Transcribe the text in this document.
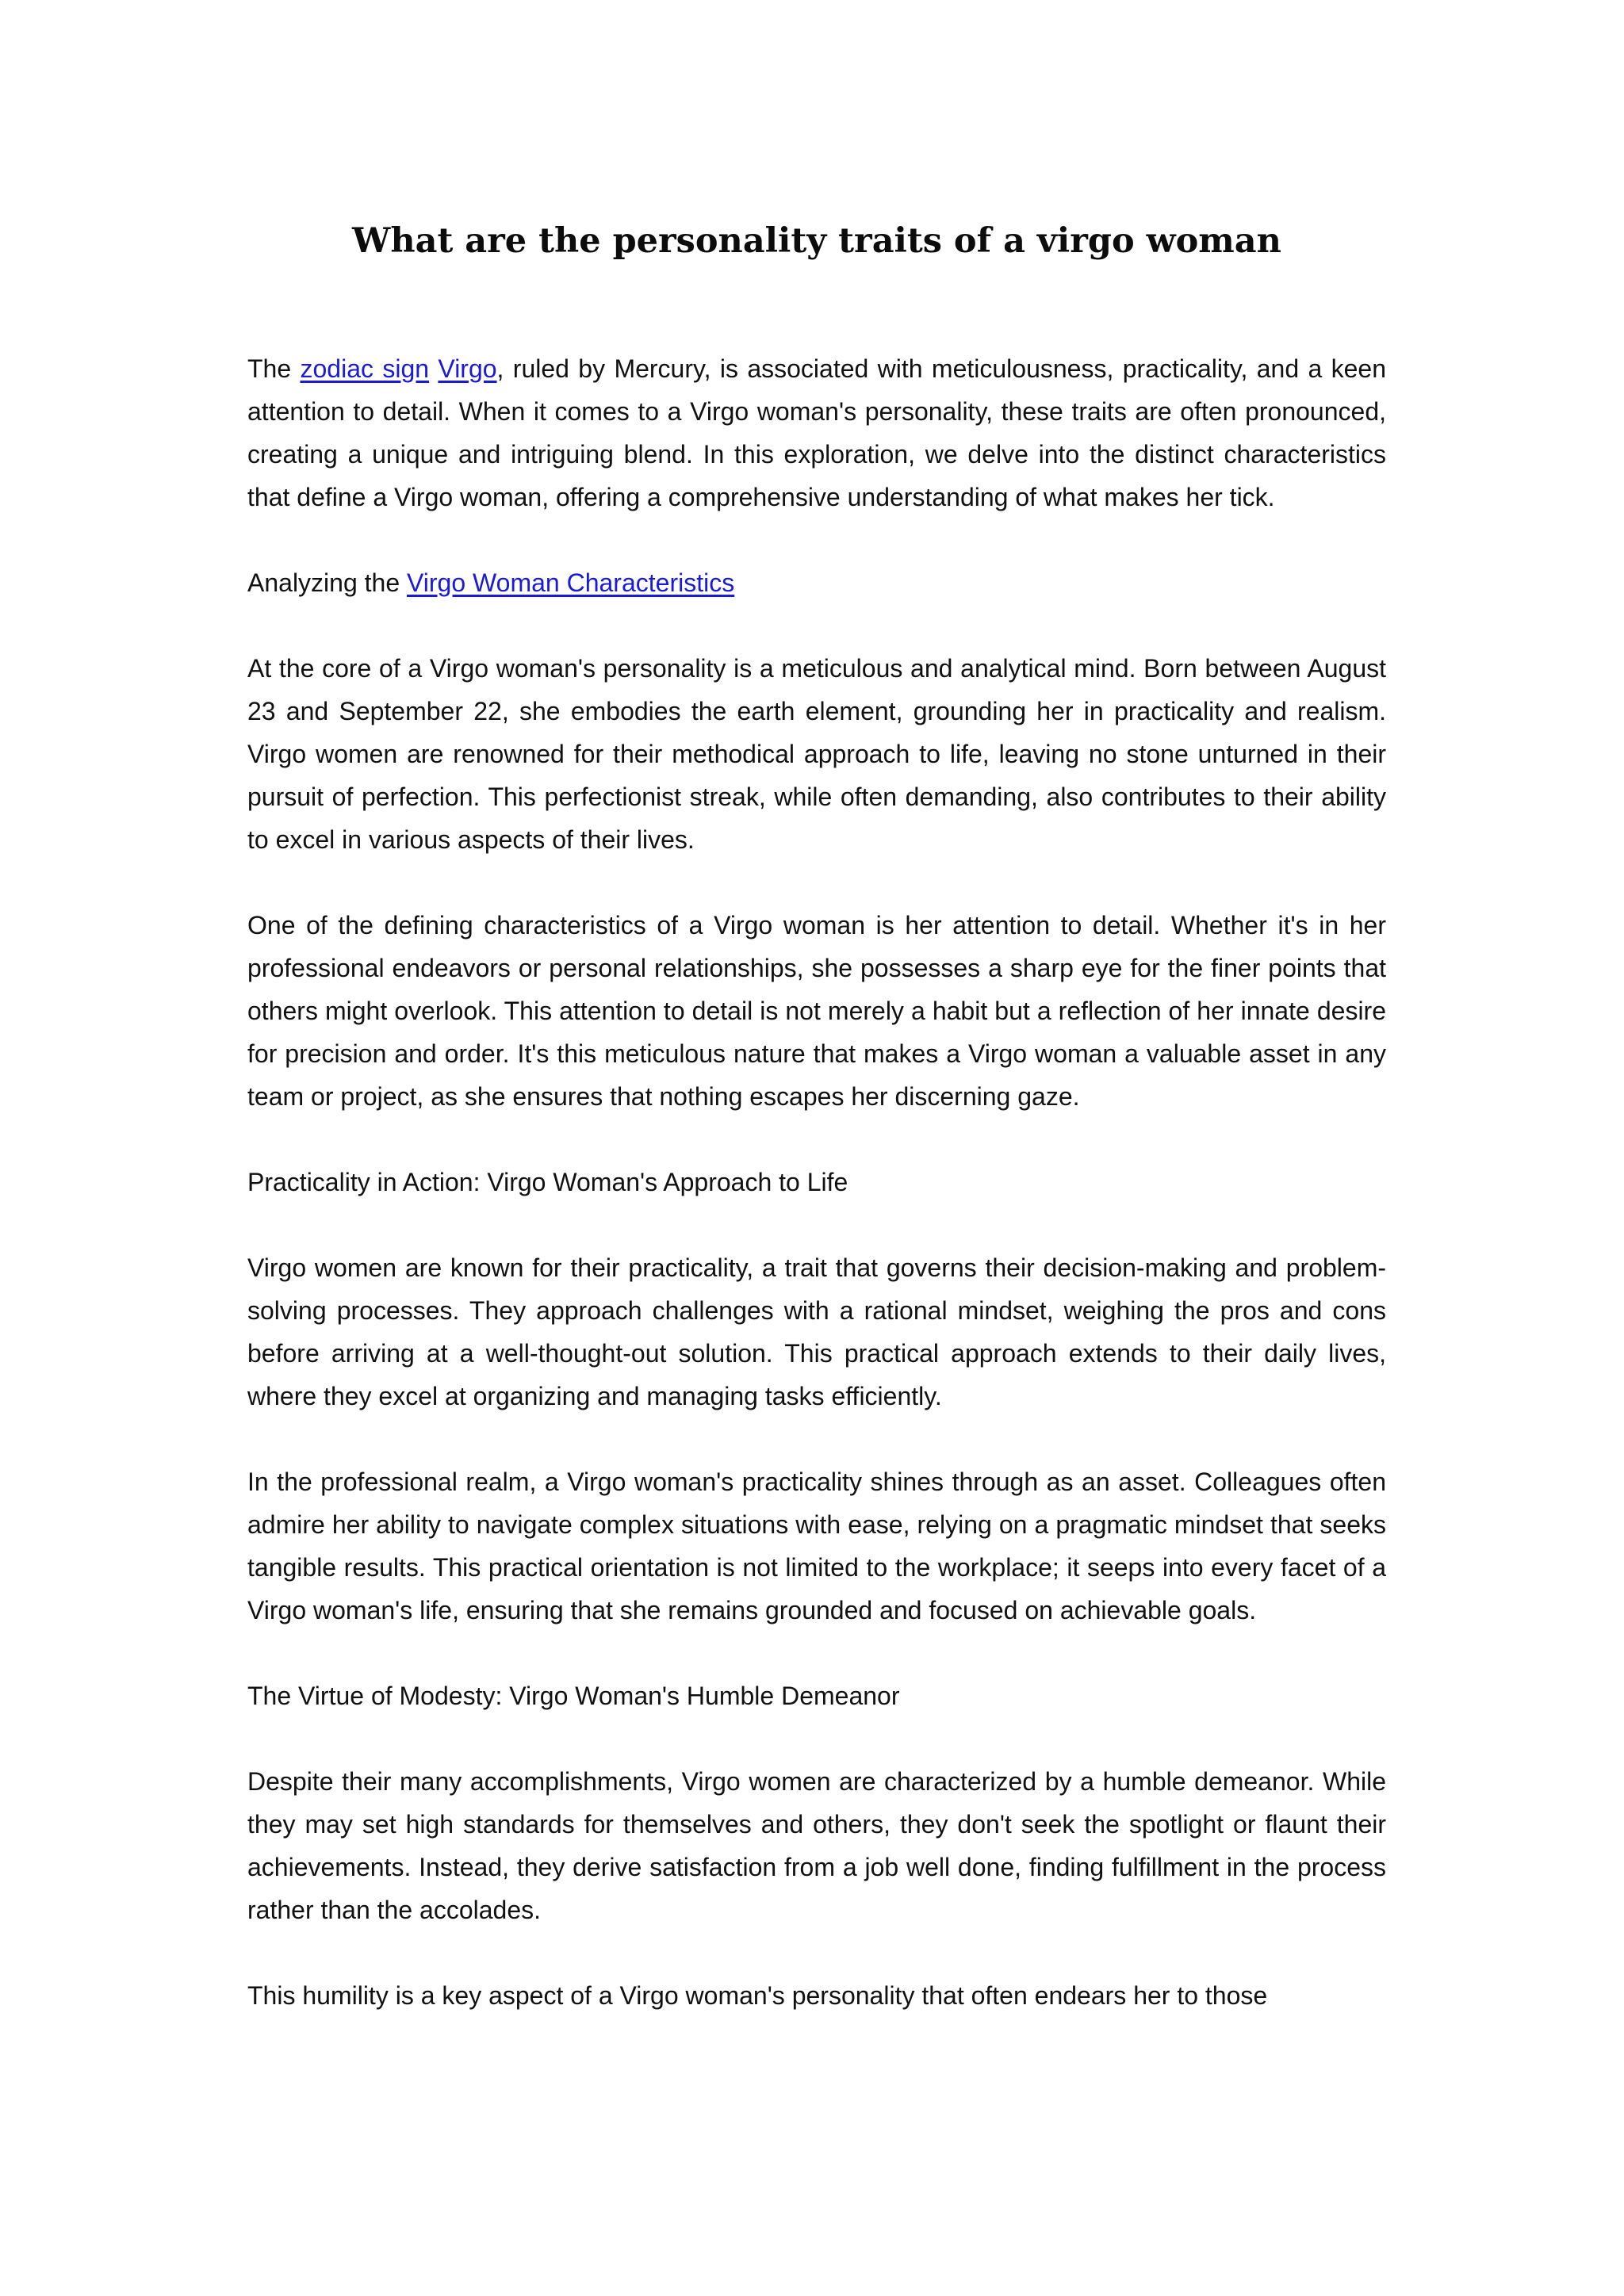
What are the personality traits of a virgo woman

The zodiac sign Virgo, ruled by Mercury, is associated with meticulousness, practicality, and a keen attention to detail. When it comes to a Virgo woman's personality, these traits are often pronounced, creating a unique and intriguing blend. In this exploration, we delve into the distinct characteristics that define a Virgo woman, offering a comprehensive understanding of what makes her tick.

Analyzing the Virgo Woman Characteristics

At the core of a Virgo woman's personality is a meticulous and analytical mind. Born between August 23 and September 22, she embodies the earth element, grounding her in practicality and realism. Virgo women are renowned for their methodical approach to life, leaving no stone unturned in their pursuit of perfection. This perfectionist streak, while often demanding, also contributes to their ability to excel in various aspects of their lives.

One of the defining characteristics of a Virgo woman is her attention to detail. Whether it's in her professional endeavors or personal relationships, she possesses a sharp eye for the finer points that others might overlook. This attention to detail is not merely a habit but a reflection of her innate desire for precision and order. It's this meticulous nature that makes a Virgo woman a valuable asset in any team or project, as she ensures that nothing escapes her discerning gaze.

Practicality in Action: Virgo Woman's Approach to Life

Virgo women are known for their practicality, a trait that governs their decision-making and problem-solving processes. They approach challenges with a rational mindset, weighing the pros and cons before arriving at a well-thought-out solution. This practical approach extends to their daily lives, where they excel at organizing and managing tasks efficiently.

In the professional realm, a Virgo woman's practicality shines through as an asset. Colleagues often admire her ability to navigate complex situations with ease, relying on a pragmatic mindset that seeks tangible results. This practical orientation is not limited to the workplace; it seeps into every facet of a Virgo woman's life, ensuring that she remains grounded and focused on achievable goals.

The Virtue of Modesty: Virgo Woman's Humble Demeanor

Despite their many accomplishments, Virgo women are characterized by a humble demeanor. While they may set high standards for themselves and others, they don't seek the spotlight or flaunt their achievements. Instead, they derive satisfaction from a job well done, finding fulfillment in the process rather than the accolades.

This humility is a key aspect of a Virgo woman's personality that often endears her to those
